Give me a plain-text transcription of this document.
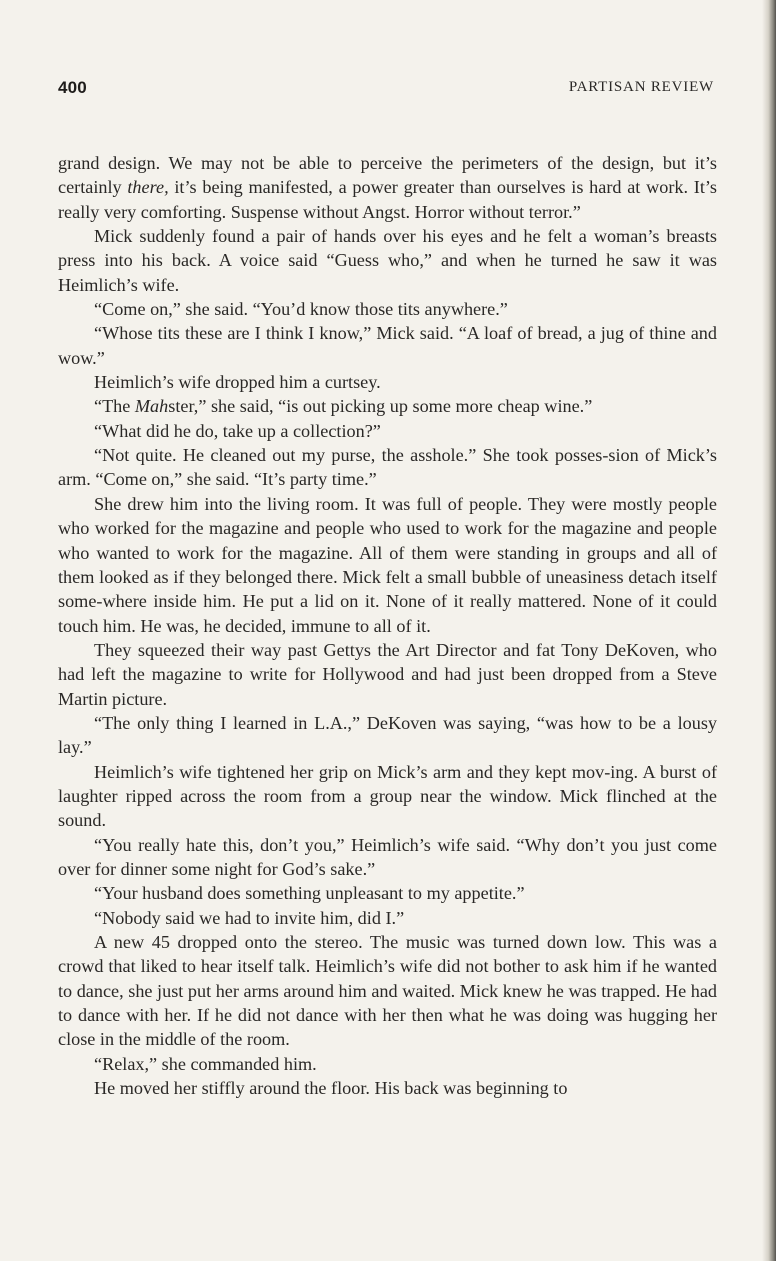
400	PARTISAN REVIEW

grand design. We may not be able to perceive the perimeters of the design, but it’s certainly there, it’s being manifested, a power greater than ourselves is hard at work. It’s really very comforting. Suspense without Angst. Horror without terror.”

Mick suddenly found a pair of hands over his eyes and he felt a woman’s breasts press into his back. A voice said “Guess who,” and when he turned he saw it was Heimlich’s wife.

“Come on,” she said. “You’d know those tits anywhere.”

“Whose tits these are I think I know,” Mick said. “A loaf of bread, a jug of thine and wow.”

Heimlich’s wife dropped him a curtsey.

“The Mahster,” she said, “is out picking up some more cheap wine.”

“What did he do, take up a collection?”

“Not quite. He cleaned out my purse, the asshole.” She took posses-sion of Mick’s arm. “Come on,” she said. “It’s party time.”

She drew him into the living room. It was full of people. They were mostly people who worked for the magazine and people who used to work for the magazine and people who wanted to work for the magazine. All of them were standing in groups and all of them looked as if they belonged there. Mick felt a small bubble of uneasiness detach itself some-where inside him. He put a lid on it. None of it really mattered. None of it could touch him. He was, he decided, immune to all of it.

They squeezed their way past Gettys the Art Director and fat Tony DeKoven, who had left the magazine to write for Hollywood and had just been dropped from a Steve Martin picture.

“The only thing I learned in L.A.,” DeKoven was saying, “was how to be a lousy lay.”

Heimlich’s wife tightened her grip on Mick’s arm and they kept mov-ing. A burst of laughter ripped across the room from a group near the window. Mick flinched at the sound.

“You really hate this, don’t you,” Heimlich’s wife said. “Why don’t you just come over for dinner some night for God’s sake.”

“Your husband does something unpleasant to my appetite.”

“Nobody said we had to invite him, did I.”

A new 45 dropped onto the stereo. The music was turned down low. This was a crowd that liked to hear itself talk. Heimlich’s wife did not bother to ask him if he wanted to dance, she just put her arms around him and waited. Mick knew he was trapped. He had to dance with her. If he did not dance with her then what he was doing was hugging her close in the middle of the room.

“Relax,” she commanded him.

He moved her stiffly around the floor. His back was beginning to
